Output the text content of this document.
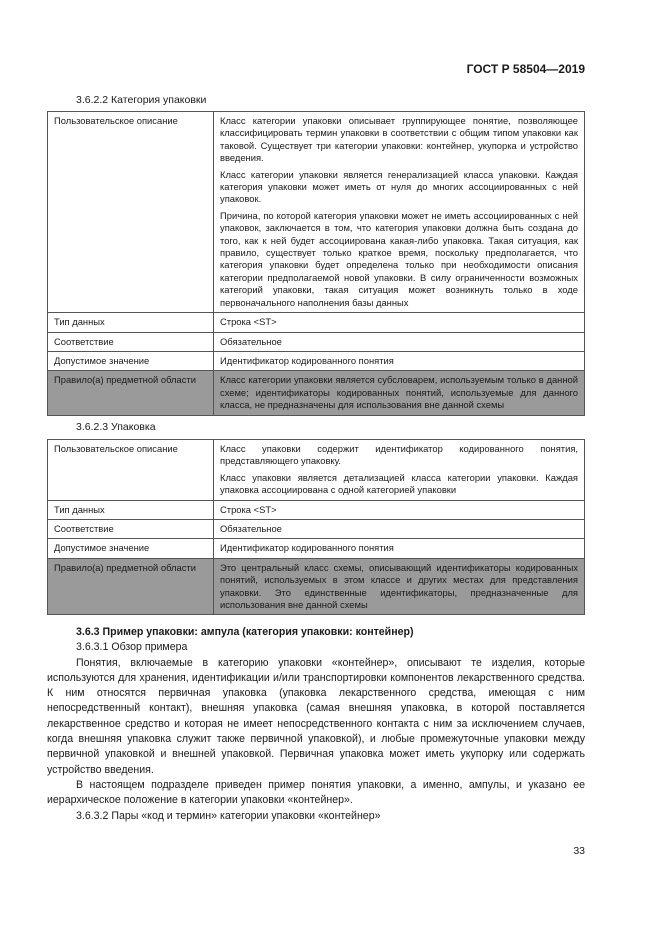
ГОСТ Р 58504—2019
3.6.2.2 Категория упаковки
Пользовательское описание	Класс категории упаковки описывает группирующее понятие, позволяющее классифицировать термин упаковки в соответствии с общим типом упаковки как таковой. Существует три категории упаковки: контейнер, укупорка и устройство введения.

Класс категории упаковки является генерализацией класса упаковки. Каждая категория упаковки может иметь от нуля до многих ассоциированных с ней упаковок.

Причина, по которой категория упаковки может не иметь ассоциированных с ней упаковок, заключается в том, что категория упаковки должна быть создана до того, как к ней будет ассоциирована какая-либо упаковка. Такая ситуация, как правило, существует только краткое время, поскольку предполагается, что категория упаковки будет определена только при необходимости описания категории предполагаемой новой упаковки. В силу ограниченности возможных категорий упаковки, такая ситуация может возникнуть только в ходе первоначального наполнения базы данных

Тип данных	Строка <ST>

Соответствие	Обязательное

Допустимое значение	Идентификатор кодированного понятия

Правило(а) предметной области	Класс категории упаковки является субсловарем, используемым только в данной схеме; идентификаторы кодированных понятий, используемые для данного класса, не предназначены для использования вне данной схемы

3.6.2.3 Упаковка
Пользовательское описание	Класс упаковки содержит идентификатор кодированного понятия, представляющего упаковку.

Класс упаковки является детализацией класса категории упаковки. Каждая упаковка ассоциирована с одной категорией упаковки

Тип данных	Строка <ST>

Соответствие	Обязательное

Допустимое значение	Идентификатор кодированного понятия

Правило(а) предметной области	Это центральный класс схемы, описывающий идентификаторы кодированных понятий, используемых в этом классе и других местах для представления упаковки. Это единственные идентификаторы, предназначенные для использования вне данной схемы

3.6.3 Пример упаковки: ампула (категория упаковки: контейнер)

3.6.3.1 Обзор примера

Понятия, включаемые в категорию упаковки «контейнер», описывают те изделия, которые используются для хранения, идентификации и/или транспортировки компонентов лекарственного средства. К ним относятся первичная упаковка (упаковка лекарственного средства, имеющая с ним непосредственный контакт), внешняя упаковка (самая внешняя упаковка, в которой поставляется лекарственное средство и которая не имеет непосредственного контакта с ним за исключением случаев, когда внешняя упаковка служит также первичной упаковкой), и любые промежуточные упаковки между первичной упаковкой и внешней упаковкой. Первичная упаковка может иметь укупорку или содержать устройство введения.

В настоящем подразделе приведен пример понятия упаковки, а именно, ампулы, и указано ее иерархическое положение в категории упаковки «контейнер».

3.6.3.2 Пары «код и термин» категории упаковки «контейнер»

33
